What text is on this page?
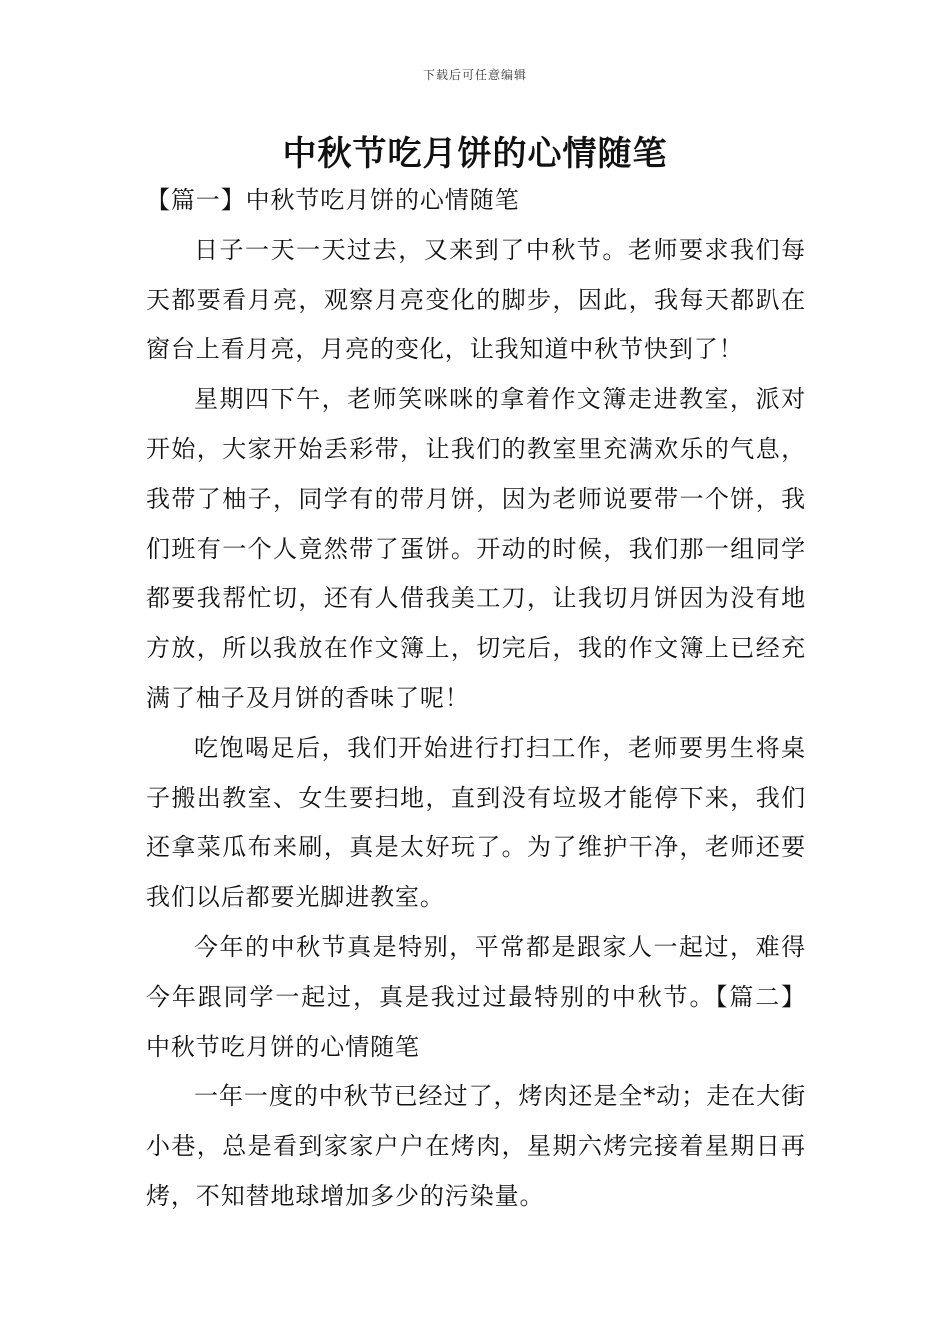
下载后可任意编辑
中秋节吃月饼的心情随笔

【篇一】中秋节吃月饼的心情随笔

日子一天一天过去，又来到了中秋节。老师要求我们每天都要看月亮，观察月亮变化的脚步，因此，我每天都趴在窗台上看月亮，月亮的变化，让我知道中秋节快到了！

星期四下午，老师笑咪咪的拿着作文簿走进教室，派对开始，大家开始丢彩带，让我们的教室里充满欢乐的气息，我带了柚子，同学有的带月饼，因为老师说要带一个饼，我们班有一个人竟然带了蛋饼。开动的时候，我们那一组同学都要我帮忙切，还有人借我美工刀，让我切月饼因为没有地方放，所以我放在作文簿上，切完后，我的作文簿上已经充满了柚子及月饼的香味了呢！

吃饱喝足后，我们开始进行打扫工作，老师要男生将桌子搬出教室、女生要扫地，直到没有垃圾才能停下来，我们还拿菜瓜布来刷，真是太好玩了。为了维护干净，老师还要我们以后都要光脚进教室。

今年的中秋节真是特别，平常都是跟家人一起过，难得今年跟同学一起过，真是我过过最特别的中秋节。【篇二】中秋节吃月饼的心情随笔

一年一度的中秋节已经过了，烤肉还是全*动；走在大街小巷，总是看到家家户户在烤肉，星期六烤完接着星期日再烤，不知替地球增加多少的污染量。
